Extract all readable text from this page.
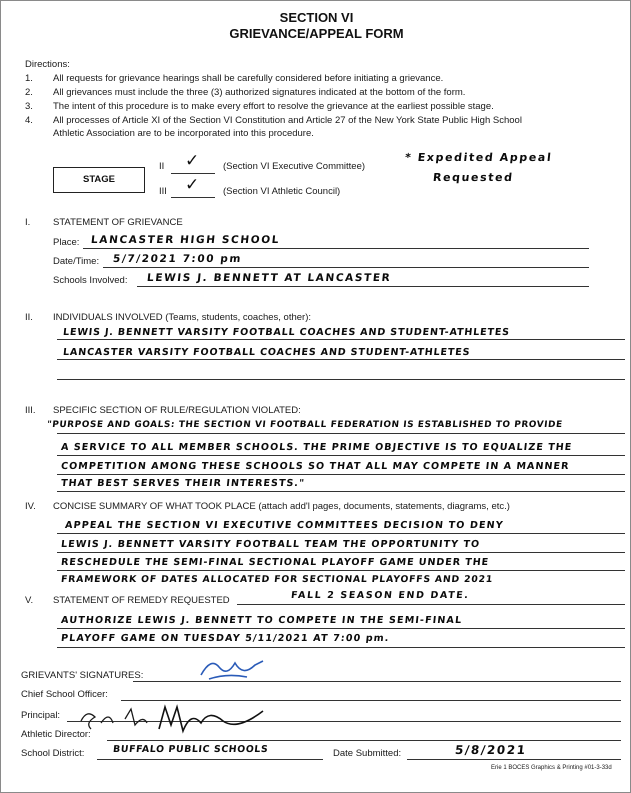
SECTION VI
GRIEVANCE/APPEAL FORM
Directions:
1. All requests for grievance hearings shall be carefully considered before initiating a grievance.
2. All grievances must include the three (3) authorized signatures indicated at the bottom of the form.
3. The intent of this procedure is to make every effort to resolve the grievance at the earliest possible stage.
4. All processes of Article XI of the Section VI Constitution and Article 27 of the New York State Public High School
Athletic Association are to be incorporated into this procedure.
STAGE
II ✓	(Section VI Executive Committee)
III ✓	(Section VI Athletic Council)
* Expedited Appeal
Requested
I. STATEMENT OF GRIEVANCE
Place: LANCASTER HIGH SCHOOL
Date/Time: 5/7/2021 7:00 pm
Schools Involved: LEWIS J. BENNETT AT LANCASTER
II. INDIVIDUALS INVOLVED (Teams, students, coaches, other):
LEWIS J. BENNETT VARSITY FOOTBALL COACHES AND STUDENT-ATHLETES
LANCASTER VARSITY FOOTBALL COACHES AND STUDENT-ATHLETES
III. SPECIFIC SECTION OF RULE/REGULATION VIOLATED:
"PURPOSE AND GOALS: THE SECTION VI FOOTBALL FEDERATION IS ESTABLISHED TO PROVIDE
A SERVICE TO ALL MEMBER SCHOOLS. THE PRIME OBJECTIVE IS TO EQUALIZE THE
COMPETITION AMONG THESE SCHOOLS SO THAT ALL MAY COMPETE IN A MANNER
THAT BEST SERVES THEIR INTERESTS."
IV. CONCISE SUMMARY OF WHAT TOOK PLACE (attach add'l pages, documents, statements, diagrams, etc.)
APPEAL THE SECTION VI EXECUTIVE COMMITTEES DECISION TO DENY
LEWIS J. BENNETT VARSITY FOOTBALL TEAM THE OPPORTUNITY TO
RESCHEDULE THE SEMI-FINAL SECTIONAL PLAYOFF GAME UNDER THE
FRAMEWORK OF DATES ALLOCATED FOR SECTIONAL PLAYOFFS AND 2021
V. STATEMENT OF REMEDY REQUESTED	FALL 2 SEASON END DATE.
AUTHORIZE LEWIS J. BENNETT TO COMPETE IN THE SEMI-FINAL
PLAYOFF GAME ON TUESDAY 5/11/2021 AT 7:00 pm.
GRIEVANTS' SIGNATURES:
Chief School Officer:
Principal:
Athletic Director:
School District:	BUFFALO PUBLIC SCHOOLS	Date Submitted:	5/8/2021
Erie 1 BOCES Graphics & Printing #01-3-33d
